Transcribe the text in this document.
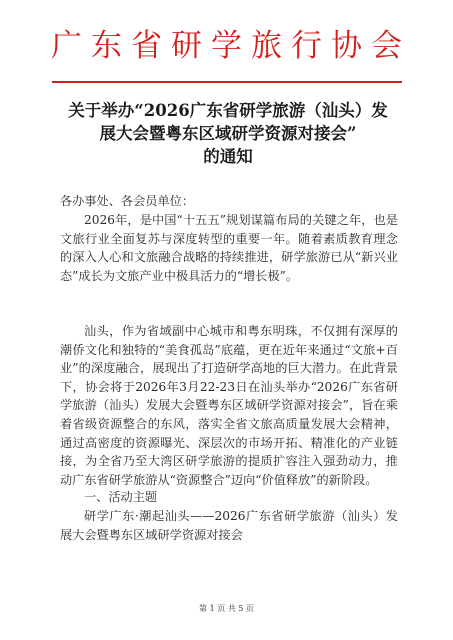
广东省研学旅行协会
关于举办“2026广东省研学旅游（汕头）发
展大会暨粤东区域研学资源对接会”
的通知
各办事处、各会员单位：

2026年，是中国“十五五”规划谋篇布局的关键之年，也是文旅行业全面复苏与深度转型的重要一年。随着素质教育理念的深入人心和文旅融合战略的持续推进，研学旅游已从“新兴业态”成长为文旅产业中极具活力的“增长极”。

汕头，作为省域副中心城市和粤东明珠，不仅拥有深厚的潮侨文化和独特的“美食孤岛”底蕴，更在近年来通过“文旅+百业”的深度融合，展现出了打造研学高地的巨大潜力。在此背景下，协会将于2026年3月22-23日在汕头举办“2026广东省研学旅游（汕头）发展大会暨粤东区域研学资源对接会”，旨在乘着省级资源整合的东风，落实全省文旅高质量发展大会精神，通过高密度的资源曝光、深层次的市场开拓、精准化的产业链接，为全省乃至大湾区研学旅游的提质扩容注入强劲动力，推动广东省研学旅游从“资源整合”迈向“价值释放”的新阶段。

一、活动主题

研学广东·潮起汕头——2026广东省研学旅游（汕头）发展大会暨粤东区域研学资源对接会

第 1 页 共 5 页
